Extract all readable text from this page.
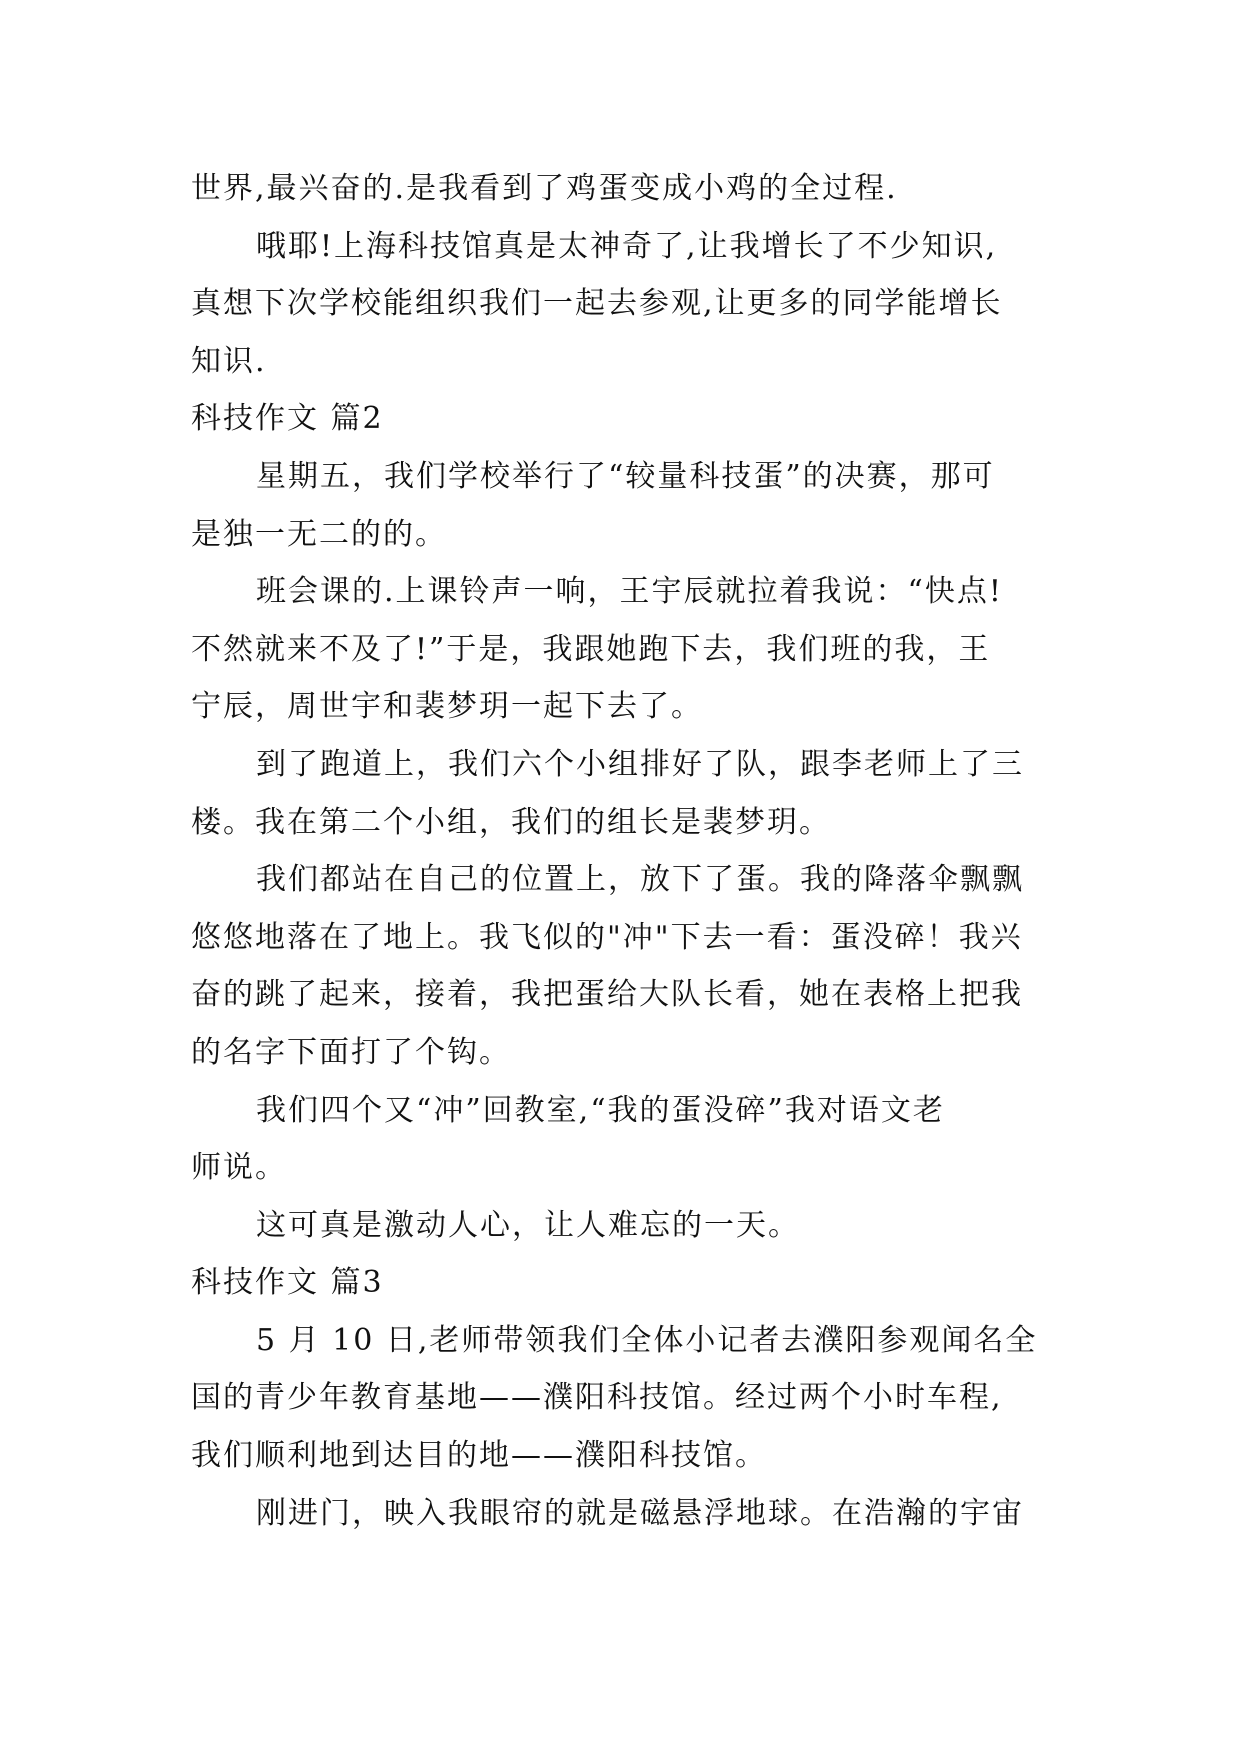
世界,最兴奋的.是我看到了鸡蛋变成小鸡的全过程.
哦耶!上海科技馆真是太神奇了,让我增长了不少知识,
真想下次学校能组织我们一起去参观,让更多的同学能增长
知识.
科技作文 篇2
星期五，我们学校举行了“较量科技蛋”的决赛，那可
是独一无二的的。
班会课的.上课铃声一响，王宇辰就拉着我说：“快点!
不然就来不及了!”于是，我跟她跑下去，我们班的我，王
宁辰，周世宇和裴梦玥一起下去了。
到了跑道上，我们六个小组排好了队，跟李老师上了三
楼。我在第二个小组，我们的组长是裴梦玥。
我们都站在自己的位置上，放下了蛋。我的降落伞飘飘
悠悠地落在了地上。我飞似的"冲"下去一看：蛋没碎！我兴
奋的跳了起来，接着，我把蛋给大队长看，她在表格上把我
的名字下面打了个钩。
我们四个又“冲”回教室,“我的蛋没碎”我对语文老
师说。
这可真是激动人心，让人难忘的一天。
科技作文 篇3
5 月 10 日,老师带领我们全体小记者去濮阳参观闻名全
国的青少年教育基地——濮阳科技馆。经过两个小时车程,
我们顺利地到达目的地——濮阳科技馆。
刚进门，映入我眼帘的就是磁悬浮地球。在浩瀚的宇宙
